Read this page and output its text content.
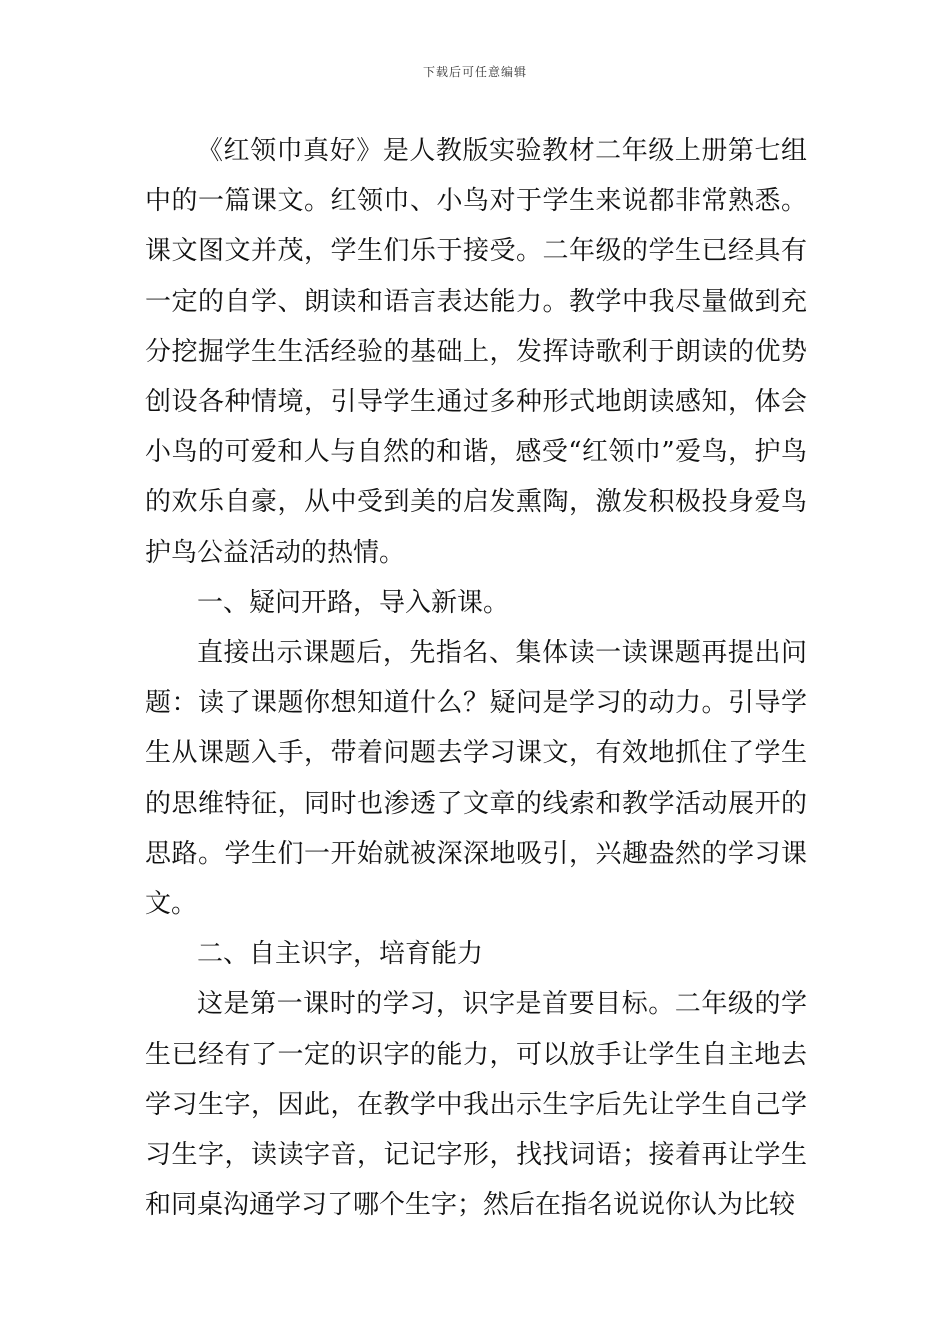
下载后可任意编辑

《红领巾真好》是人教版实验教材二年级上册第七组中的一篇课文。红领巾、小鸟对于学生来说都非常熟悉。课文图文并茂，学生们乐于接受。二年级的学生已经具有一定的自学、朗读和语言表达能力。教学中我尽量做到充分挖掘学生生活经验的基础上，发挥诗歌利于朗读的优势创设各种情境，引导学生通过多种形式地朗读感知，体会小鸟的可爱和人与自然的和谐，感受“红领巾”爱鸟，护鸟的欢乐自豪，从中受到美的启发熏陶，激发积极投身爱鸟护鸟公益活动的热情。

一、疑问开路，导入新课。

直接出示课题后，先指名、集体读一读课题再提出问题：读了课题你想知道什么？疑问是学习的动力。引导学生从课题入手，带着问题去学习课文，有效地抓住了学生的思维特征，同时也渗透了文章的线索和教学活动展开的思路。学生们一开始就被深深地吸引，兴趣盎然的学习课文。

二、自主识字，培育能力

这是第一课时的学习，识字是首要目标。二年级的学生已经有了一定的识字的能力，可以放手让学生自主地去学习生字，因此，在教学中我出示生字后先让学生自己学习生字，读读字音，记记字形，找找词语；接着再让学生和同桌沟通学习了哪个生字；然后在指名说说你认为比较
